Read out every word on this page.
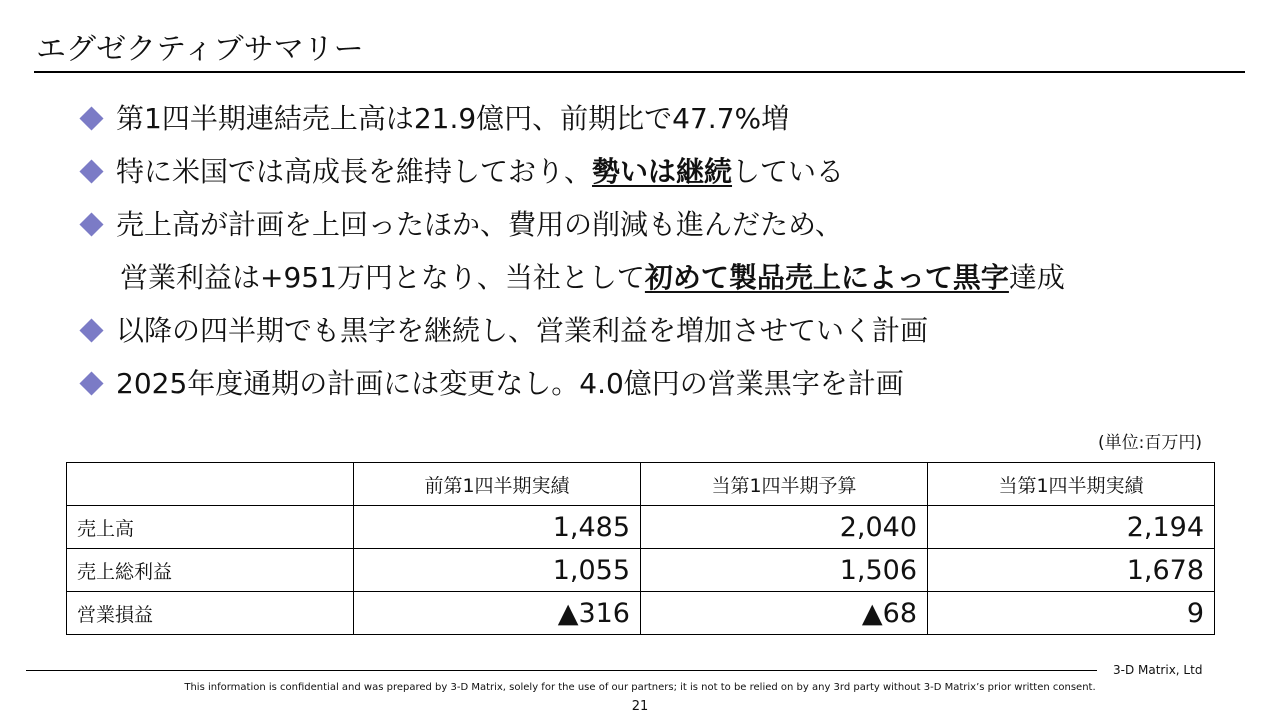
エグゼクティブサマリー
第1四半期連結売上高は21.9億円、前期比で47.7%増
特に米国では高成長を維持しており、勢いは継続している
売上高が計画を上回ったほか、費用の削減も進んだため、
営業利益は+951万円となり、当社として初めて製品売上によって黒字達成
以降の四半期でも黒字を継続し、営業利益を増加させていく計画
2025年度通期の計画には変更なし。4.0億円の営業黒字を計画
(単位:百万円)
	前第1四半期実績	当第1四半期予算	当第1四半期実績
売上高	1,485	2,040	2,194
売上総利益	1,055	1,506	1,678
営業損益	▲316	▲68	9
3-D Matrix, Ltd
This information is confidential and was prepared by 3-D Matrix, solely for the use of our partners; it is not to be relied on by any 3rd party without 3-D Matrix’s prior written consent.
21
